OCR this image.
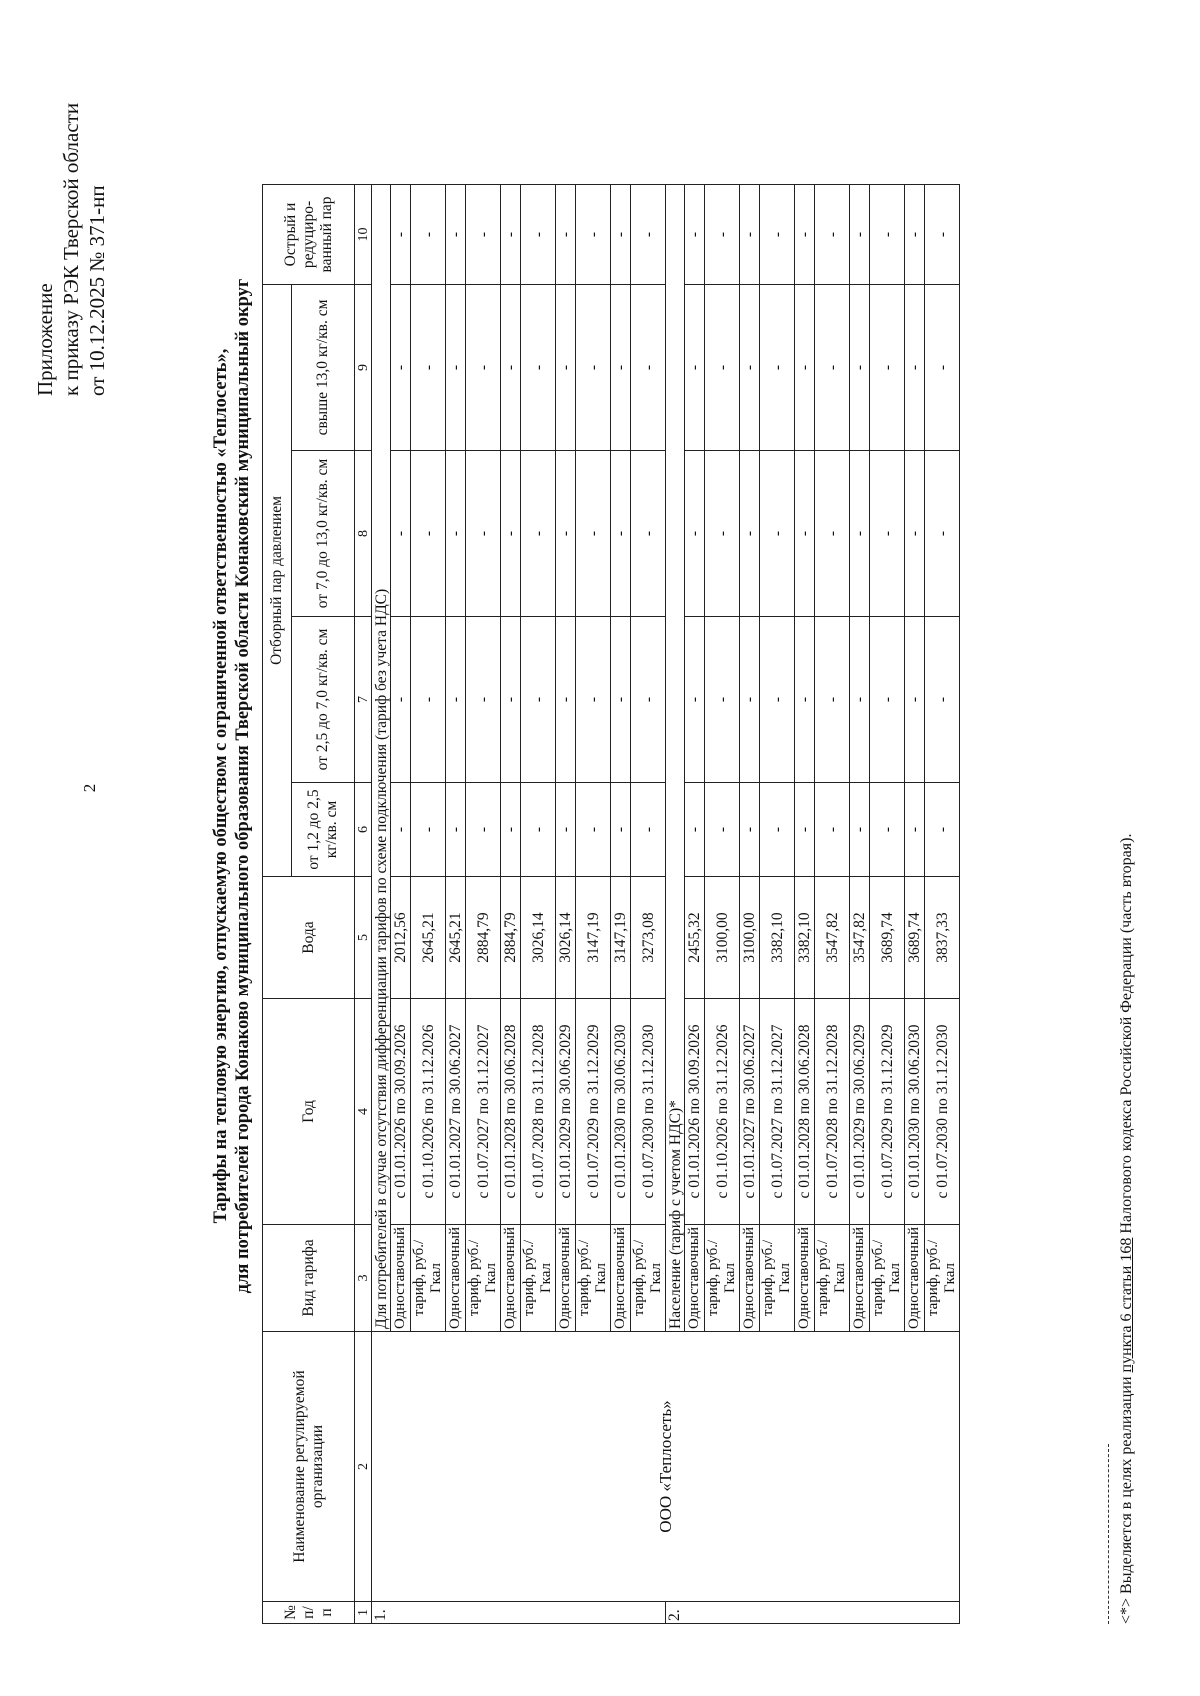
2
Приложение к приказу РЭК Тверской области от 10.12.2025 № 371-нп
Тарифы на тепловую энергию, отпускаемую обществом с ограниченной ответственностью «Теплосеть», для потребителей города Конаково муниципального образования Тверской области Конаковский муниципальный округ
№ п/ п	Наименование регулируемой организации	Вид тарифа	Год	Вода	Отборный пар давлением				Острый и редуциро- ванный пар
					от 1,2 до 2,5 кг/кв. см	от 2,5 до 7,0 кг/кв. см	от 7,0 до 13,0 кг/кв. см	свыше 13,0 кг/кв. см	
1	2	3	4	5	6	7	8	9	10
1.	ООО «Теплосеть»	Для потребителей в случае отсутствия дифференциации тарифов по схеме подключения (тариф без учета НДС)							
		Одноставочный	с 01.01.2026 по 30.09.2026	2012,56	-	-	-	-	-
		тариф, руб./Гкал	с 01.10.2026 по 31.12.2026	2645,21	-	-	-	-	-
		Одноставочный	с 01.01.2027 по 30.06.2027	2645,21	-	-	-	-	-
		тариф, руб./Гкал	с 01.07.2027 по 31.12.2027	2884,79	-	-	-	-	-
		Одноставочный	с 01.01.2028 по 30.06.2028	2884,79	-	-	-	-	-
		тариф, руб./Гкал	с 01.07.2028 по 31.12.2028	3026,14	-	-	-	-	-
		Одноставочный	с 01.01.2029 по 30.06.2029	3026,14	-	-	-	-	-
		тариф, руб./Гкал	с 01.07.2029 по 31.12.2029	3147,19	-	-	-	-	-
		Одноставочный	с 01.01.2030 по 30.06.2030	3147,19	-	-	-	-	-
		тариф, руб./Гкал	с 01.07.2030 по 31.12.2030	3273,08	-	-	-	-	-
2.		Население (тариф с учетом НДС)*							
		Одноставочный	с 01.01.2026 по 30.09.2026	2455,32	-	-	-	-	-
		тариф, руб./Гкал	с 01.10.2026 по 31.12.2026	3100,00	-	-	-	-	-
		Одноставочный	с 01.01.2027 по 30.06.2027	3100,00	-	-	-	-	-
		тариф, руб./Гкал	с 01.07.2027 по 31.12.2027	3382,10	-	-	-	-	-
		Одноставочный	с 01.01.2028 по 30.06.2028	3382,10	-	-	-	-	-
		тариф, руб./Гкал	с 01.07.2028 по 31.12.2028	3547,82	-	-	-	-	-
		Одноставочный	с 01.01.2029 по 30.06.2029	3547,82	-	-	-	-	-
		тариф, руб./Гкал	с 01.07.2029 по 31.12.2029	3689,74	-	-	-	-	-
		Одноставочный	с 01.01.2030 по 30.06.2030	3689,74	-	-	-	-	-
		тариф, руб./Гкал	с 01.07.2030 по 31.12.2030	3837,33	-	-	-	-	-
<*> Выделяется в целях реализации пункта 6 статьи 168 Налогового кодекса Российской Федерации (часть вторая).
